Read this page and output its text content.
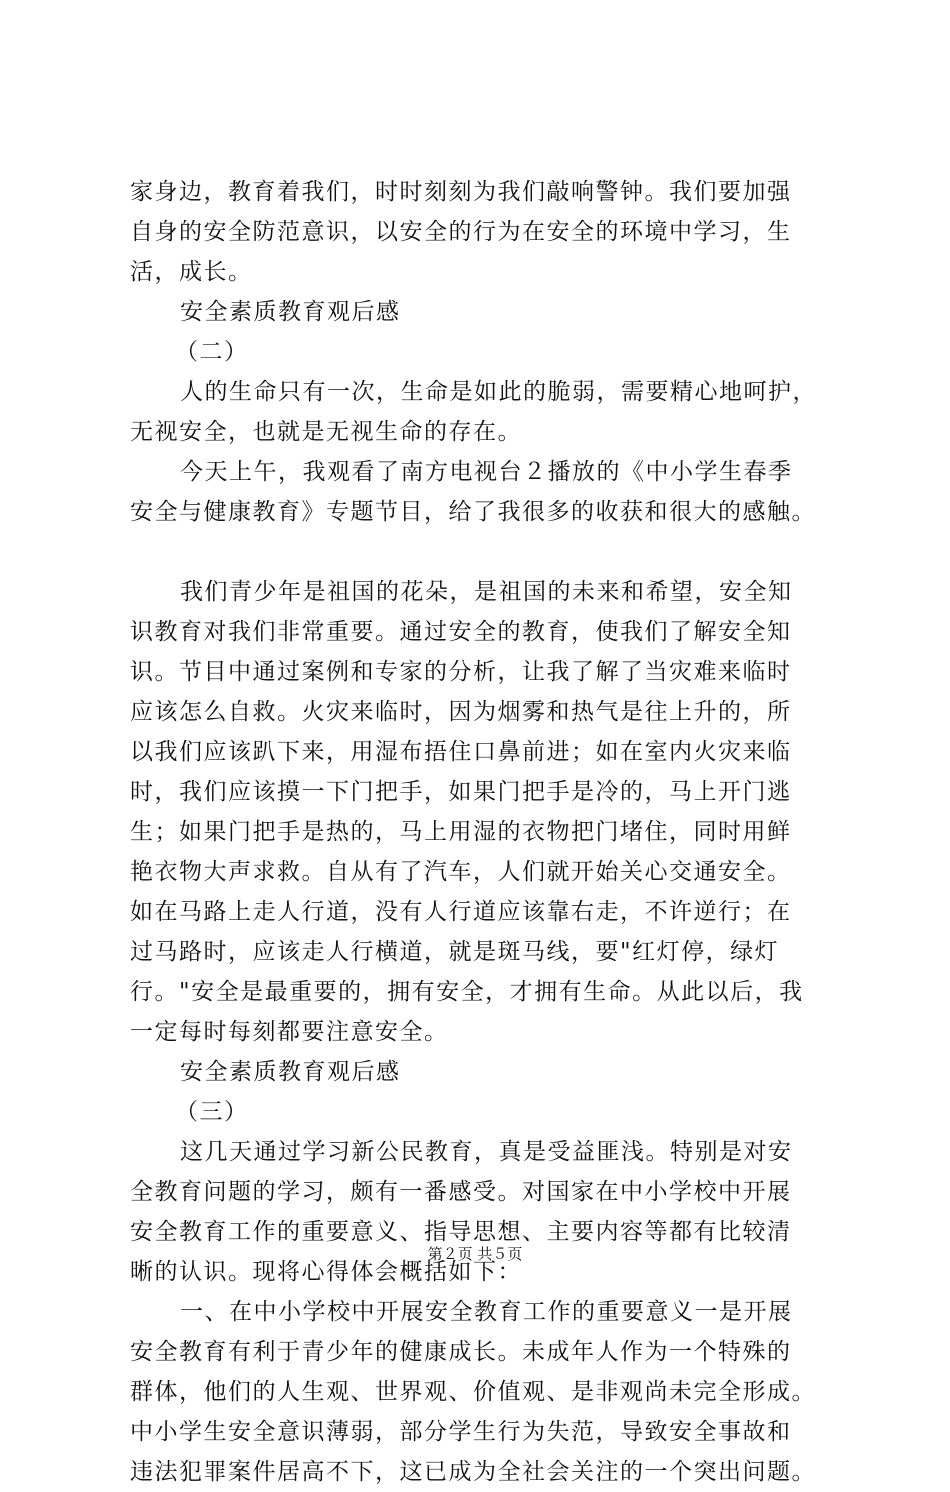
家身边，教育着我们，时时刻刻为我们敲响警钟。我们要加强
自身的安全防范意识，以安全的行为在安全的环境中学习，生
活，成长。
安全素质教育观后感
（二）
人的生命只有一次，生命是如此的脆弱，需要精心地呵护，
无视安全，也就是无视生命的存在。
今天上午，我观看了南方电视台２播放的《中小学生春季
安全与健康教育》专题节目，给了我很多的收获和很大的感触。
我们青少年是祖国的花朵，是祖国的未来和希望，安全知
识教育对我们非常重要。通过安全的教育，使我们了解安全知
识。节目中通过案例和专家的分析，让我了解了当灾难来临时
应该怎么自救。火灾来临时，因为烟雾和热气是往上升的，所
以我们应该趴下来，用湿布捂住口鼻前进；如在室内火灾来临
时，我们应该摸一下门把手，如果门把手是冷的，马上开门逃
生；如果门把手是热的，马上用湿的衣物把门堵住，同时用鲜
艳衣物大声求救。自从有了汽车，人们就开始关心交通安全。
如在马路上走人行道，没有人行道应该靠右走，不许逆行；在
过马路时，应该走人行横道，就是斑马线，要"红灯停，绿灯
行。"安全是最重要的，拥有安全，才拥有生命。从此以后，我
一定每时每刻都要注意安全。
安全素质教育观后感
（三）
这几天通过学习新公民教育，真是受益匪浅。特别是对安
全教育问题的学习，颇有一番感受。对国家在中小学校中开展
安全教育工作的重要意义、指导思想、主要内容等都有比较清
晰的认识。现将心得体会概括如下：
一、在中小学校中开展安全教育工作的重要意义一是开展
安全教育有利于青少年的健康成长。未成年人作为一个特殊的
群体，他们的人生观、世界观、价值观、是非观尚未完全形成。
中小学生安全意识薄弱，部分学生行为失范，导致安全事故和
违法犯罪案件居高不下，这已成为全社会关注的一个突出问题。
第２页 共５页
